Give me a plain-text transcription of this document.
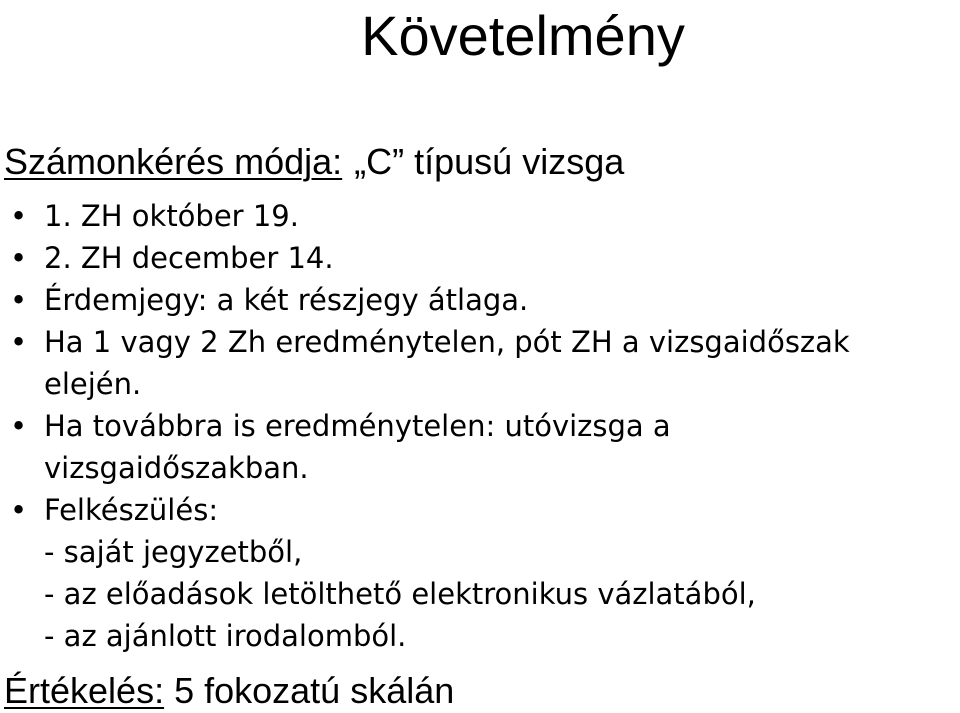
Követelmény
Számonkérés módja: „C” típusú vizsga
• 1. ZH október 19.
• 2. ZH december 14.
• Érdemjegy: a két részjegy átlaga.
• Ha 1 vagy 2 Zh eredménytelen, pót ZH a vizsgaidőszak
elején.
• Ha továbbra is eredménytelen: utóvizsga a
vizsgaidőszakban.
• Felkészülés:
- saját jegyzetből,
- az előadások letölthető elektronikus vázlatából,
- az ajánlott irodalomból.
Értékelés: 5 fokozatú skálán
